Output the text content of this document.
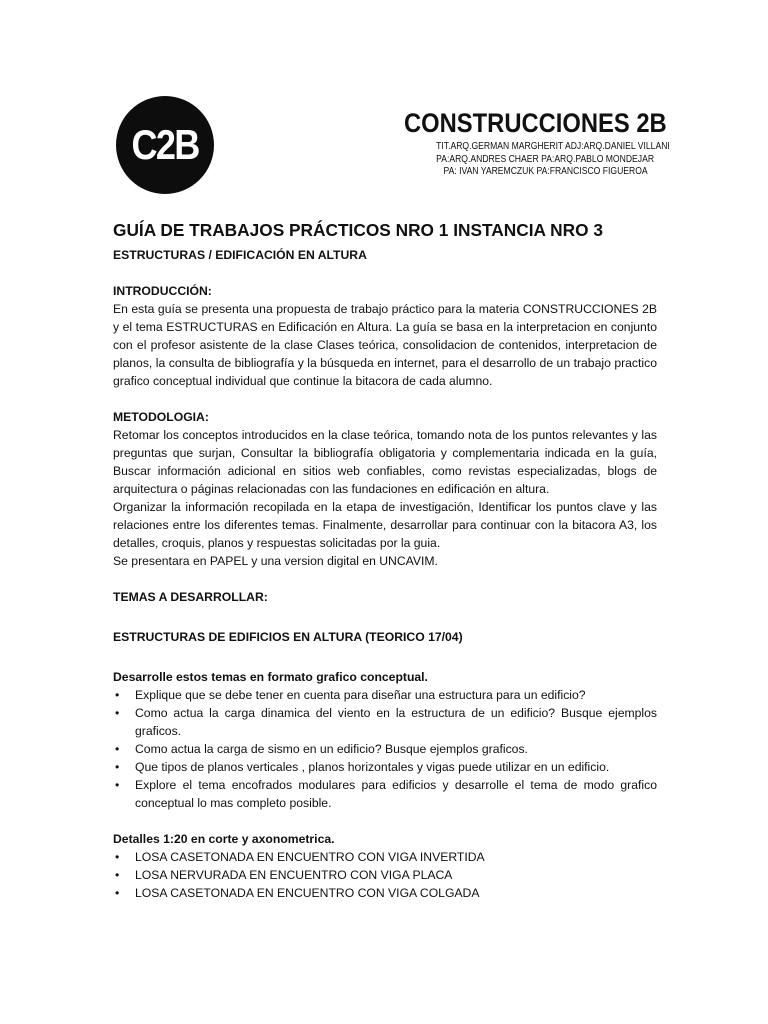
C2B	CONSTRUCCIONES 2B
TIT.ARQ.GERMAN MARGHERIT ADJ:ARQ.DANIEL VILLANI
PA:ARQ.ANDRES CHAER PA:ARQ.PABLO MONDEJAR
PA: IVAN YAREMCZUK PA:FRANCISCO FIGUEROA
GUÍA DE TRABAJOS PRÁCTICOS NRO 1 INSTANCIA NRO 3
ESTRUCTURAS / EDIFICACIÓN EN ALTURA

INTRODUCCIÓN:

En esta guía se presenta una propuesta de trabajo práctico para la materia CONSTRUCCIONES 2B y el tema ESTRUCTURAS en Edificación en Altura. La guía se basa en la interpretacion en conjunto con el profesor asistente de la clase Clases teórica, consolidacion de contenidos, interpretacion de planos, la consulta de bibliografía y la búsqueda en internet, para el desarrollo de un trabajo practico grafico conceptual individual que continue la bitacora de cada alumno.

METODOLOGIA:

Retomar los conceptos introducidos en la clase teórica, tomando nota de los puntos relevantes y las preguntas que surjan, Consultar la bibliografía obligatoria y complementaria indicada en la guía, Buscar información adicional en sitios web confiables, como revistas especializadas, blogs de arquitectura o páginas relacionadas con las fundaciones en edificación en altura.

Organizar la información recopilada en la etapa de investigación, Identificar los puntos clave y las relaciones entre los diferentes temas. Finalmente, desarrollar para continuar con la bitacora A3, los detalles, croquis, planos y respuestas solicitadas por la guia.

Se presentara en PAPEL y una version digital en UNCAVIM.

TEMAS A DESARROLLAR:

ESTRUCTURAS DE EDIFICIOS EN ALTURA (TEORICO 17/04)

Desarrolle estos temas en formato grafico conceptual.

• Explique que se debe tener en cuenta para diseñar una estructura para un edificio?
• Como actua la carga dinamica del viento en la estructura de un edificio? Busque ejemplos graficos.
• Como actua la carga de sismo en un edificio? Busque ejemplos graficos.
• Que tipos de planos verticales , planos horizontales y vigas puede utilizar en un edificio.
• Explore el tema encofrados modulares para edificios y desarrolle el tema de modo grafico conceptual lo mas completo posible.

Detalles 1:20 en corte y axonometrica.

• LOSA CASETONADA EN ENCUENTRO CON VIGA INVERTIDA
• LOSA NERVURADA EN ENCUENTRO CON VIGA PLACA
• LOSA CASETONADA EN ENCUENTRO CON VIGA COLGADA
